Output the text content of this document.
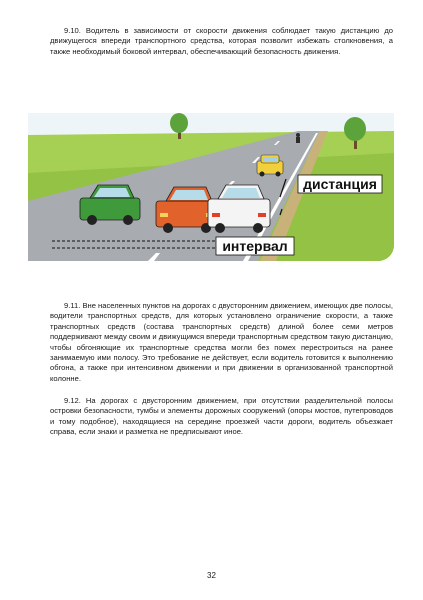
9.10. Водитель в зависимости от скорости движения соблюдает такую дистанцию до движущегося впереди транспортного средства, которая позволит избежать столкновения, а также необходимый боковой интервал, обеспечивающий безопасность движения.

дистанция
интервал

9.11. Вне населенных пунктов на дорогах с двусторонним движением, имеющих две полосы, водители транспортных средств, для которых установлено ограничение скорости, а также транспортных средств (состава транспортных средств) длиной более семи метров поддерживают между своим и движущимся впереди транспортным средством такую дистанцию, чтобы обгоняющие их транспортные средства могли без помех перестроиться на ранее занимаемую ими полосу. Это требование не действует, если водитель готовится к выполнению обгона, а также при интенсивном движении и при движении в организованной транспортной колонне.

9.12. На дорогах с двусторонним движением, при отсутствии разделительной полосы островки безопасности, тумбы и элементы дорожных сооружений (опоры мостов, путепроводов и тому подобное), находящиеся на середине проезжей части дороги, водитель объезжает справа, если знаки и разметка не предписывают иное.

32
